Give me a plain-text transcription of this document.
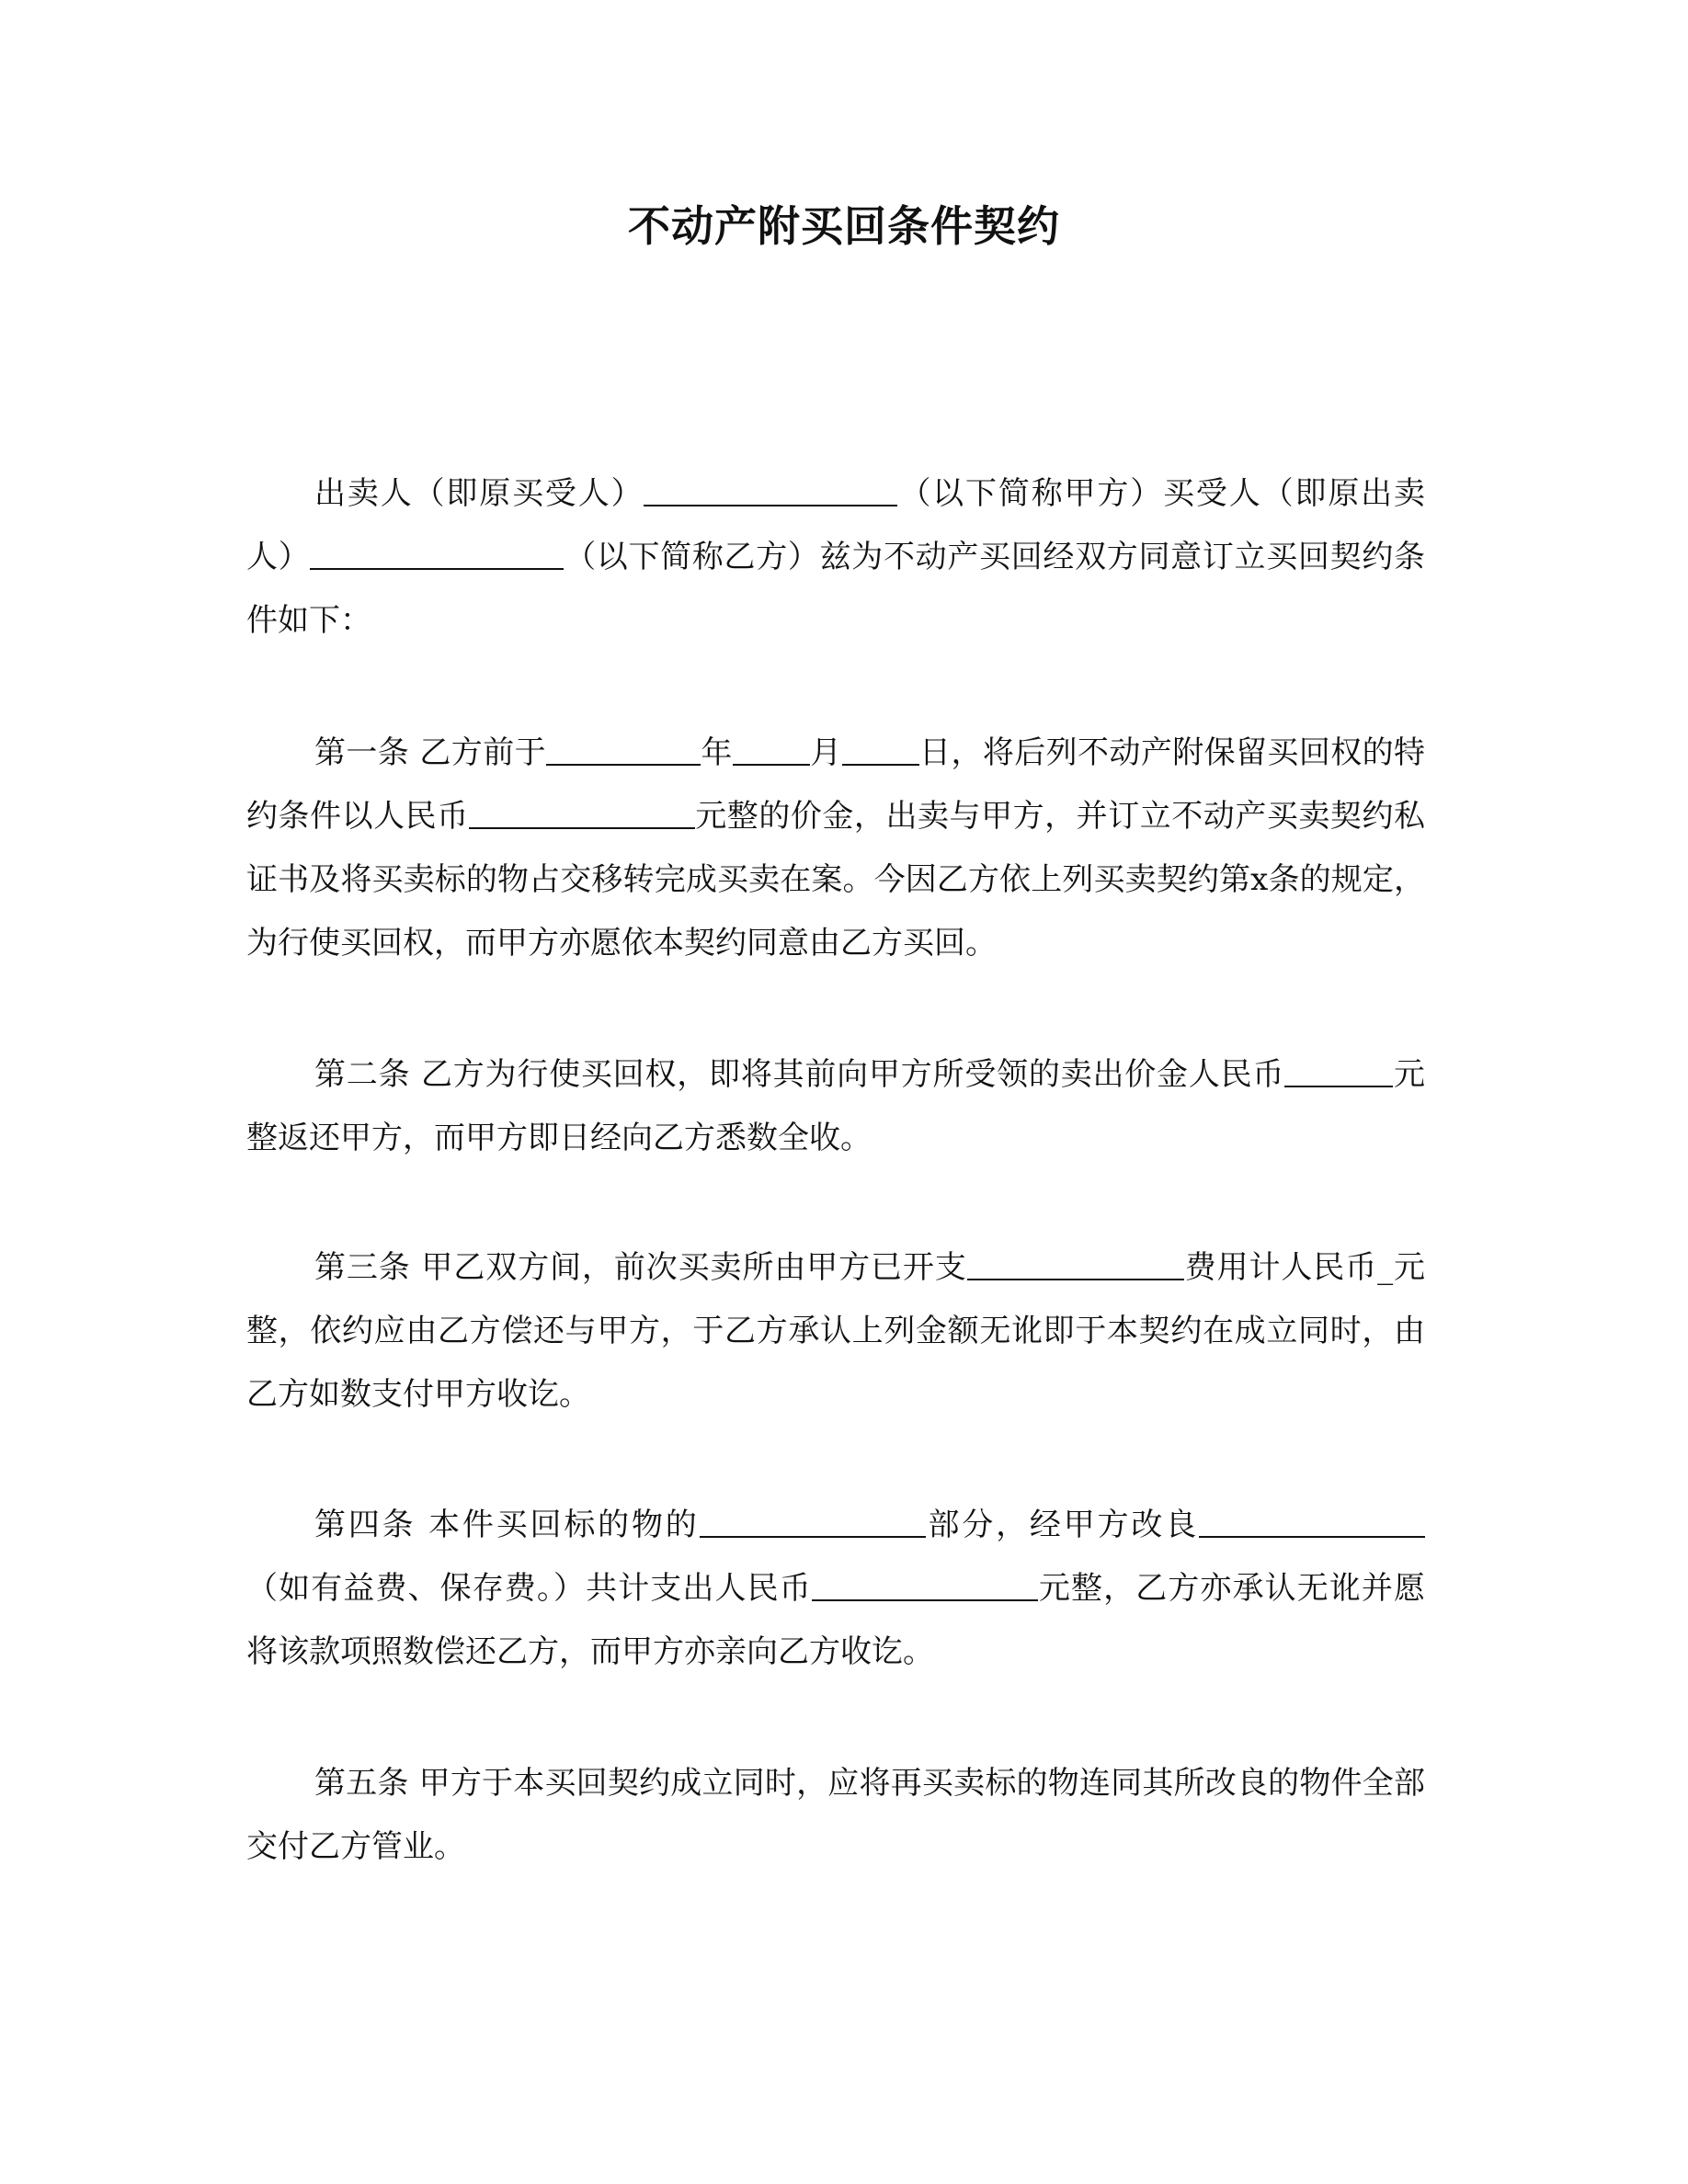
不动产附买回条件契约

出卖人（即原买受人）	（以下简称甲方）买受人（即原出卖人）	（以下简称乙方）兹为不动产买回经双方同意订立买回契约条件如下：

第一条 乙方前于	年 月 日，将后列不动产附保留买回权的特约条件以人民币	元整的价金，出卖与甲方，并订立不动产买卖契约私证书及将买卖标的物占交移转完成买卖在案。今因乙方依上列买卖契约第x条的规定，为行使买回权，而甲方亦愿依本契约同意由乙方买回。

第二条 乙方为行使买回权，即将其前向甲方所受领的卖出价金人民币	元整返还甲方，而甲方即日经向乙方悉数全收。

第三条 甲乙双方间，前次买卖所由甲方已开支	费用计人民币_元整，依约应由乙方偿还与甲方，于乙方承认上列金额无讹即于本契约在成立同时，由乙方如数支付甲方收讫。

第四条 本件买回标的物的	部分，经甲方改良（如有益费、保存费。）共计支出人民币	元整，乙方亦承认无讹并愿将该款项照数偿还乙方，而甲方亦亲向乙方收讫。

第五条 甲方于本买回契约成立同时，应将再买卖标的物连同其所改良的物件全部交付乙方管业。
